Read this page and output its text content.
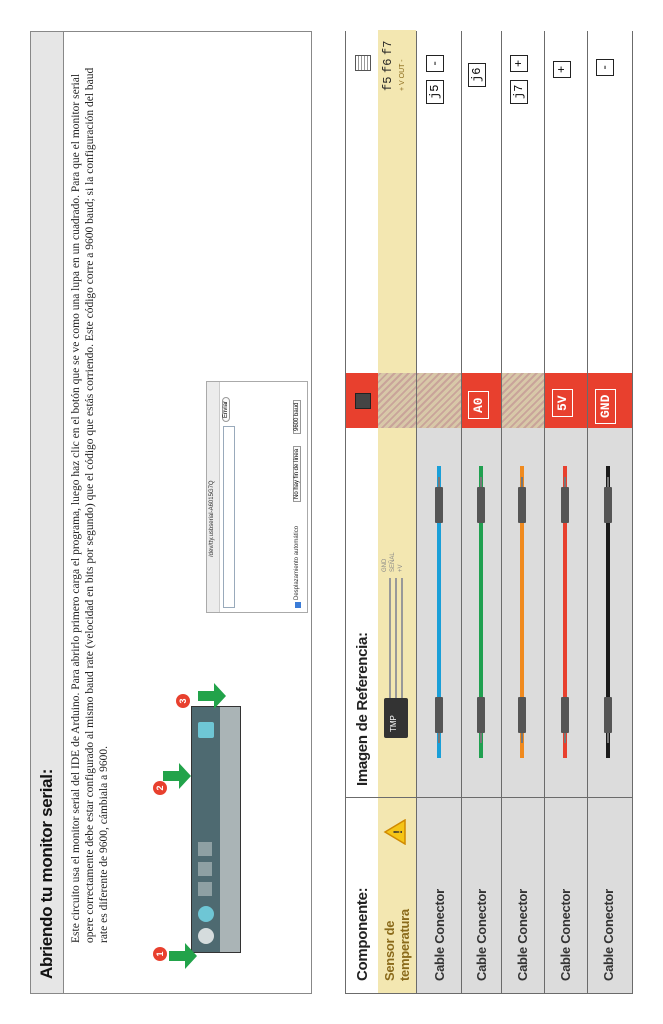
Componente:
Imagen de Referencia:
Sensor de
temperatura
!
TMP
GND SEÑAL +V
f5
f6
f7
+ V OUT -
Cable Conector
j5
-
Cable Conector
A0
j6
Cable Conector
j7
+
Cable Conector
5V
+
Cable Conector
GND
-
Abriendo tu monitor serial: Este circuito usa el monitor serial del IDE de Arduino. Para abrirlo primero carga el programa, luego haz clic en el botón que se ve como una lupa en un cuadrado. Para que el monitor serial opere correctamente debe estar configurado al mismo baud rate (velocidad en bits por segundo) que el código que estás corriendo. Este código corre a 9600 baud; si la configuración del baud rate es diferente de 9600, cámbiala a 9600.
1
2
3
/dev/tty.usbserial-A6015G7Q
Enviar
Desplazamiento automático
No hay fin de línea
9600 baud
